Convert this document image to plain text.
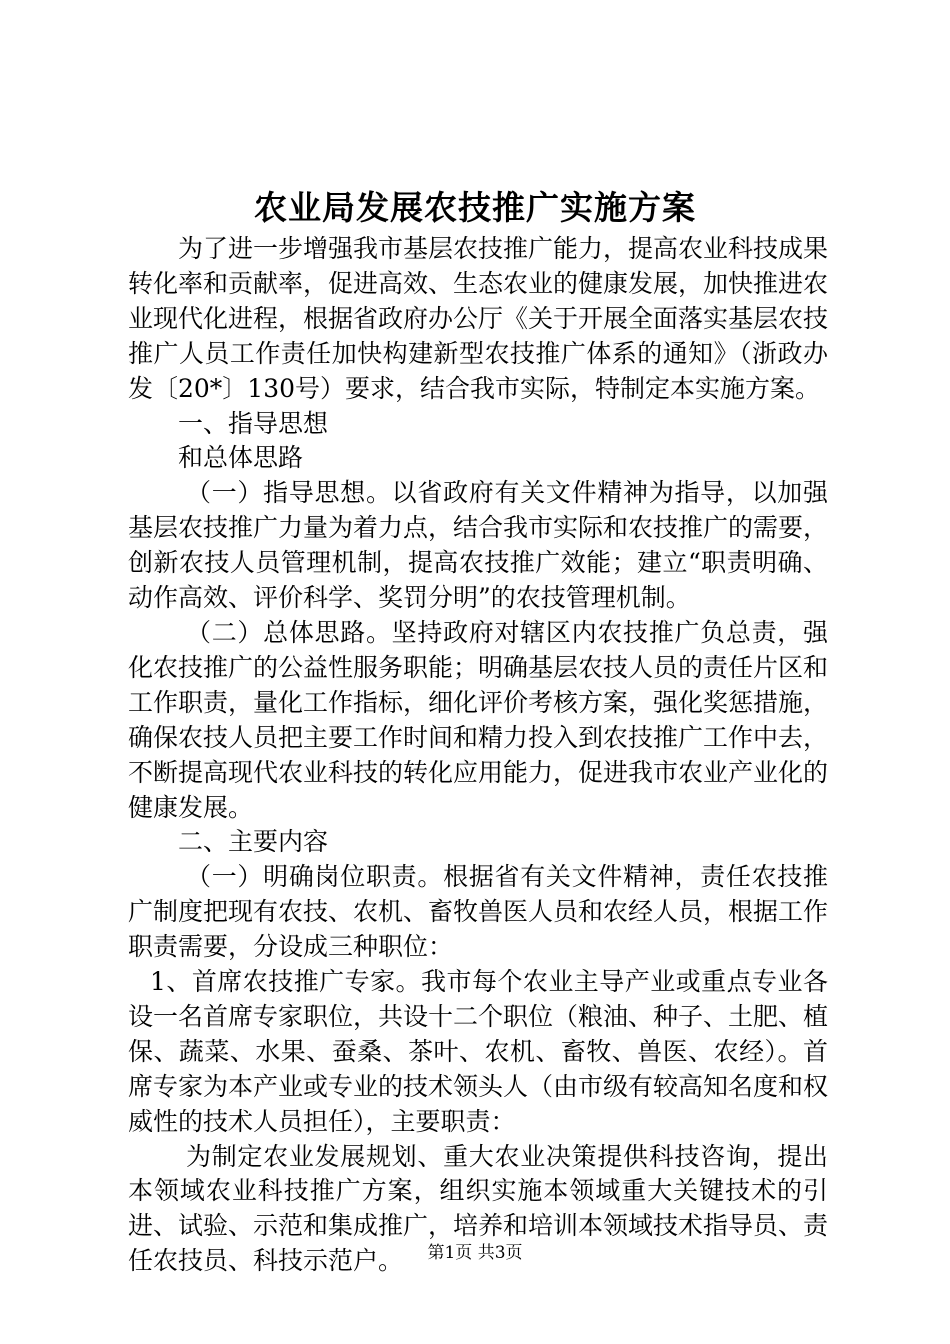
农业局发展农技推广实施方案

为了进一步增强我市基层农技推广能力，提高农业科技成果转化率和贡献率，促进高效、生态农业的健康发展，加快推进农业现代化进程，根据省政府办公厅《关于开展全面落实基层农技推广人员工作责任加快构建新型农技推广体系的通知》（浙政办发〔20*〕130号）要求，结合我市实际，特制定本实施方案。

一、指导思想

和总体思路

（一）指导思想。以省政府有关文件精神为指导，以加强基层农技推广力量为着力点，结合我市实际和农技推广的需要，创新农技人员管理机制，提高农技推广效能；建立“职责明确、动作高效、评价科学、奖罚分明”的农技管理机制。

（二）总体思路。坚持政府对辖区内农技推广负总责，强化农技推广的公益性服务职能；明确基层农技人员的责任片区和工作职责，量化工作指标，细化评价考核方案，强化奖惩措施，确保农技人员把主要工作时间和精力投入到农技推广工作中去，不断提高现代农业科技的转化应用能力，促进我市农业产业化的健康发展。

二、主要内容

（一）明确岗位职责。根据省有关文件精神，责任农技推广制度把现有农技、农机、畜牧兽医人员和农经人员，根据工作职责需要，分设成三种职位：

1、首席农技推广专家。我市每个农业主导产业或重点专业各设一名首席专家职位，共设十二个职位（粮油、种子、土肥、植保、蔬菜、水果、蚕桑、茶叶、农机、畜牧、兽医、农经）。首席专家为本产业或专业的技术领头人（由市级有较高知名度和权威性的技术人员担任），主要职责：

为制定农业发展规划、重大农业决策提供科技咨询，提出本领域农业科技推广方案，组织实施本领域重大关键技术的引进、试验、示范和集成推广，培养和培训本领域技术指导员、责任农技员、科技示范户。	第1页 共3页
